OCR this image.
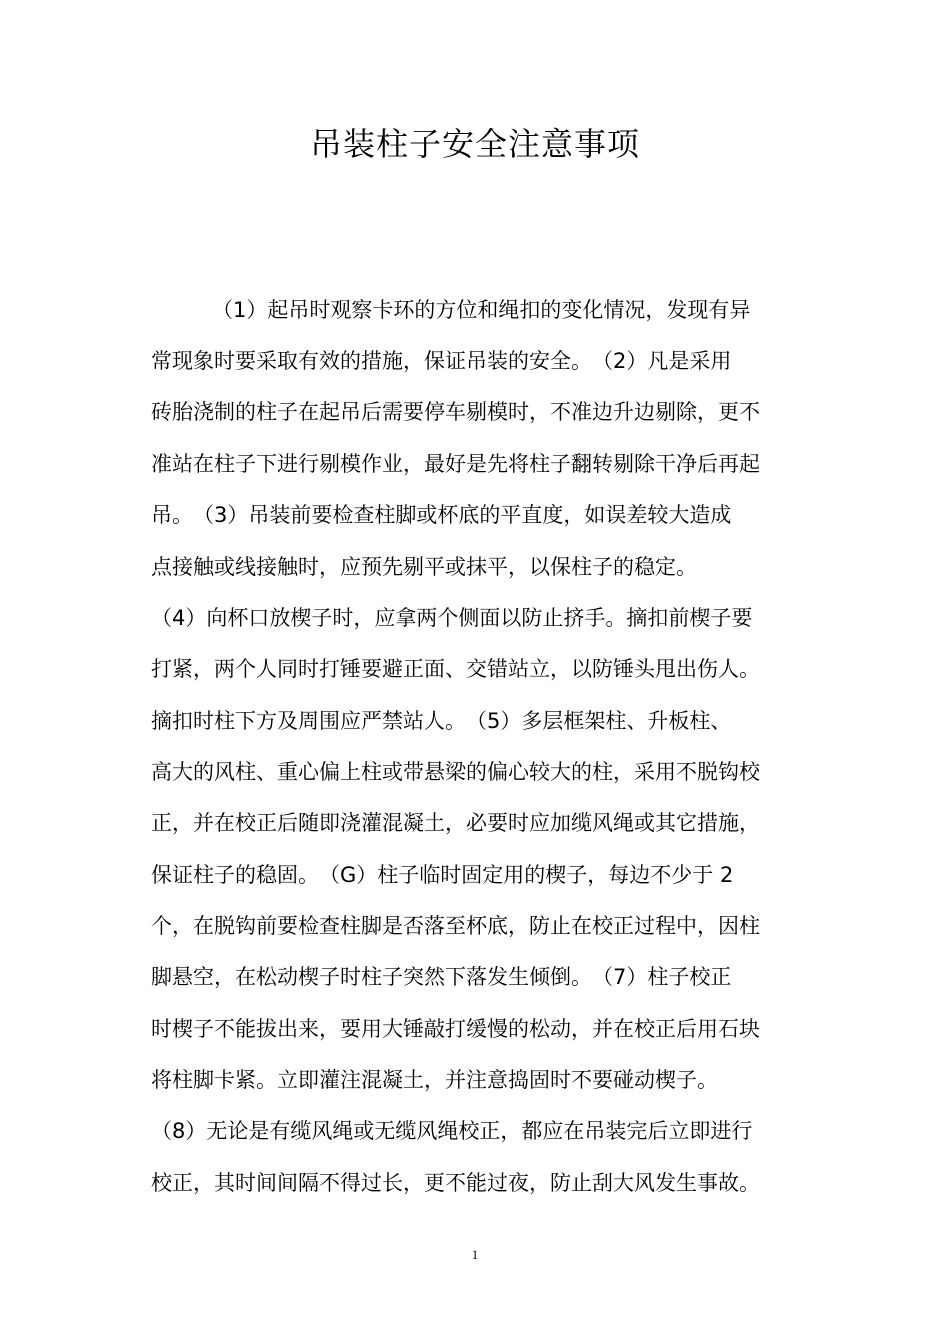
吊装柱子安全注意事项

（1）起吊时观察卡环的方位和绳扣的变化情况，发现有异

常现象时要采取有效的措施，保证吊装的安全。　（2）凡是采用

砖胎浇制的柱子在起吊后需要停车剔模时，不准边升边剔除，更不

准站在柱子下进行剔模作业，最好是先将柱子翻转剔除干净后再起

吊。　（3）吊装前要检查柱脚或杯底的平直度，如误差较大造成

点接触或线接触时，应预先剔平或抹平，以保柱子的稳定。

（4）向杯口放楔子时，应拿两个侧面以防止挤手。摘扣前楔子要

打紧，两个人同时打锤要避正面、交错站立，以防锤头甩出伤人。

摘扣时柱下方及周围应严禁站人。　（5）多层框架柱、升板柱、

高大的风柱、重心偏上柱或带悬梁的偏心较大的柱，采用不脱钩校

正，并在校正后随即浇灌混凝土，必要时应加缆风绳或其它措施，

保证柱子的稳固。　（G）柱子临时固定用的楔子，每边不少于 2

个，在脱钩前要检查柱脚是否落至杯底，防止在校正过程中，因柱

脚悬空，在松动楔子时柱子突然下落发生倾倒。　（7）柱子校正

时楔子不能拔出来，要用大锤敲打缓慢的松动，并在校正后用石块

将柱脚卡紧。立即灌注混凝土，并注意捣固时不要碰动楔子。

（8）无论是有缆风绳或无缆风绳校正，都应在吊装完后立即进行

校正，其时间间隔不得过长，更不能过夜，防止刮大风发生事故。

1
